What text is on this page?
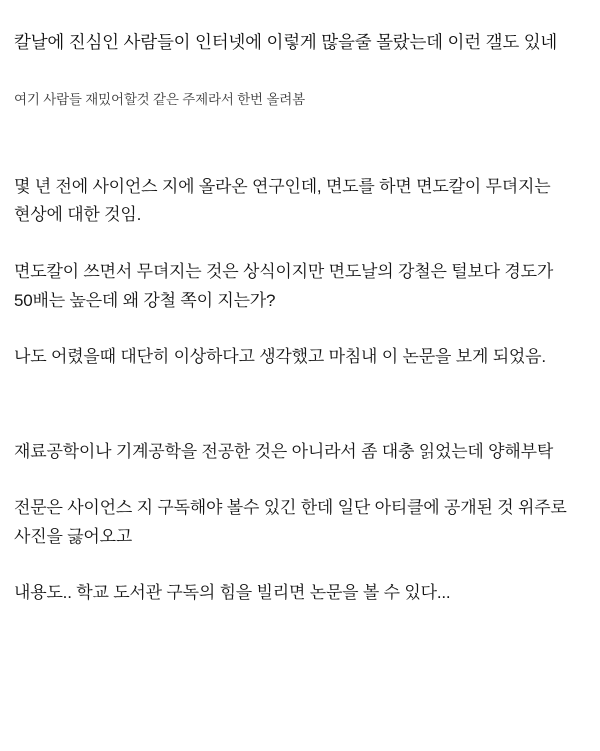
칼날에 진심인 사람들이 인터넷에 이렇게 많을줄 몰랐는데 이런 갤도 있네

여기 사람들 재밌어할것 같은 주제라서 한번 올려봄

몇 년 전에 사이언스 지에 올라온 연구인데, 면도를 하면 면도칼이 무뎌지는 현상에 대한 것임.

면도칼이 쓰면서 무뎌지는 것은 상식이지만 면도날의 강철은 털보다 경도가 50배는 높은데 왜 강철 쪽이 지는가?

나도 어렸을때 대단히 이상하다고 생각했고 마침내 이 논문을 보게 되었음.

재료공학이나 기계공학을 전공한 것은 아니라서 좀 대충 읽었는데 양해부탁

전문은 사이언스 지 구독해야 볼수 있긴 한데 일단 아티클에 공개된 것 위주로 사진을 긇어오고

내용도.. 학교 도서관 구독의 힘을 빌리면 논문을 볼 수 있다...
